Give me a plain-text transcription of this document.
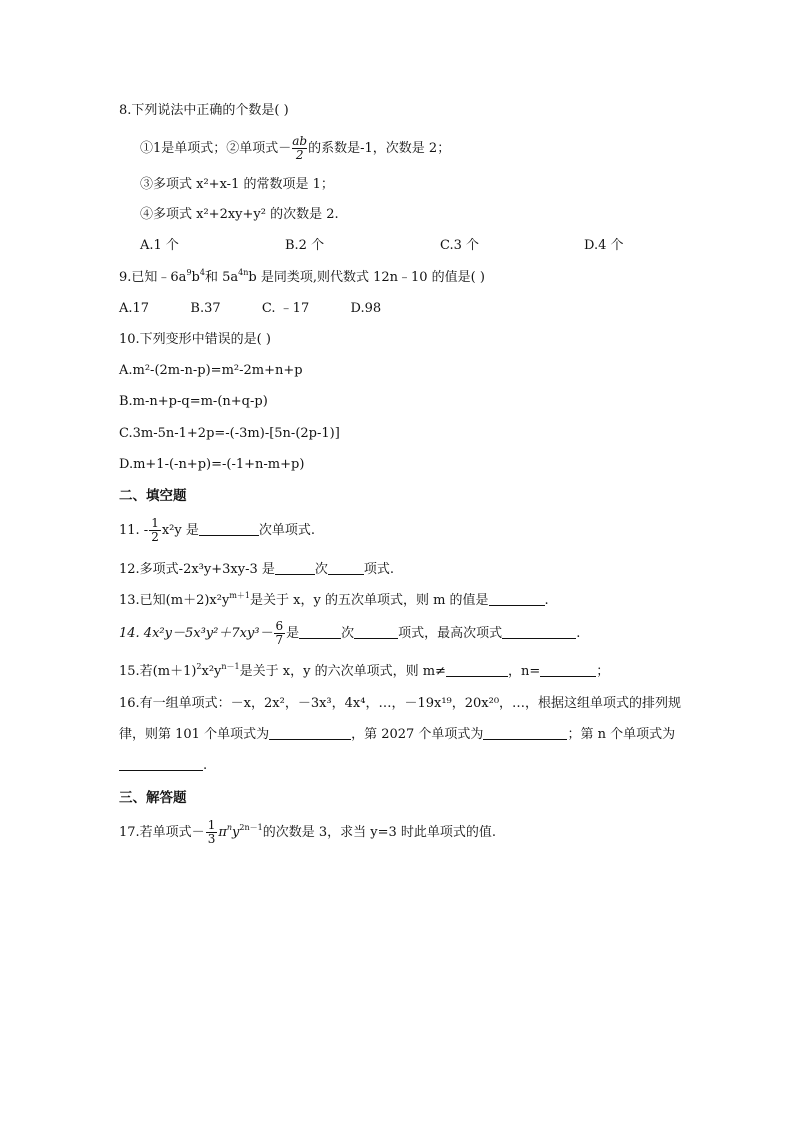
8.下列说法中正确的个数是( )
①1是单项式；②单项式－ $\frac{ab}{2}$ 的系数是-1，次数是 2；
③多项式 x²+x-1 的常数项是 1；
④多项式 x²+2xy+y² 的次数是 2.
A.1 个	B.2 个	C.3 个	D.4 个
9.已知$﹣6a^9b^4$和 $5a^{4n}b$ 是同类项,则代数式 12n﹣10 的值是( )
A.17          B.37          C. ﹣17          D.98
10.下列变形中错误的是( )
A.m²-(2m-n-p)=m²-2m+n+p
B.m-n+p-q=m-(n+q-p)
C.3m-5n-1+2p=-(-3m)-[5n-(2p-1)]
D.m+1-(-n+p)=-(-1+n-m+p)
二、填空题
11. - $\frac{1}{2} x^2y$ 是	次单项式.
12.多项式-2x³y+3xy-3 是	次	项式.
13.已知$(m+2)x^2y^{m+1}$是关于 x，y 的五次单项式，则 m 的值是	.
14. $4x^2y-5x^3y^2+7xy^3- \frac{6}{7}$ 是	次	项式，最高次项式	.
15.若$(m+1)^2x^2y^{n-1}$是关于 x，y 的六次单项式，则 m≠	，n=	；
16.有一组单项式：－x，2x²，－3x³，4x⁴，…，－19x¹⁹，20x²⁰，…，根据这组单项式的排列规
律，则第 101 个单项式为	，第 2027 个单项式为	；第 n 个单项式为
.
三、解答题
17.若单项式－ $\frac{1}{3} \pi^ny^{2n-1}$的次数是 3，求当 y=3 时此单项式的值.
